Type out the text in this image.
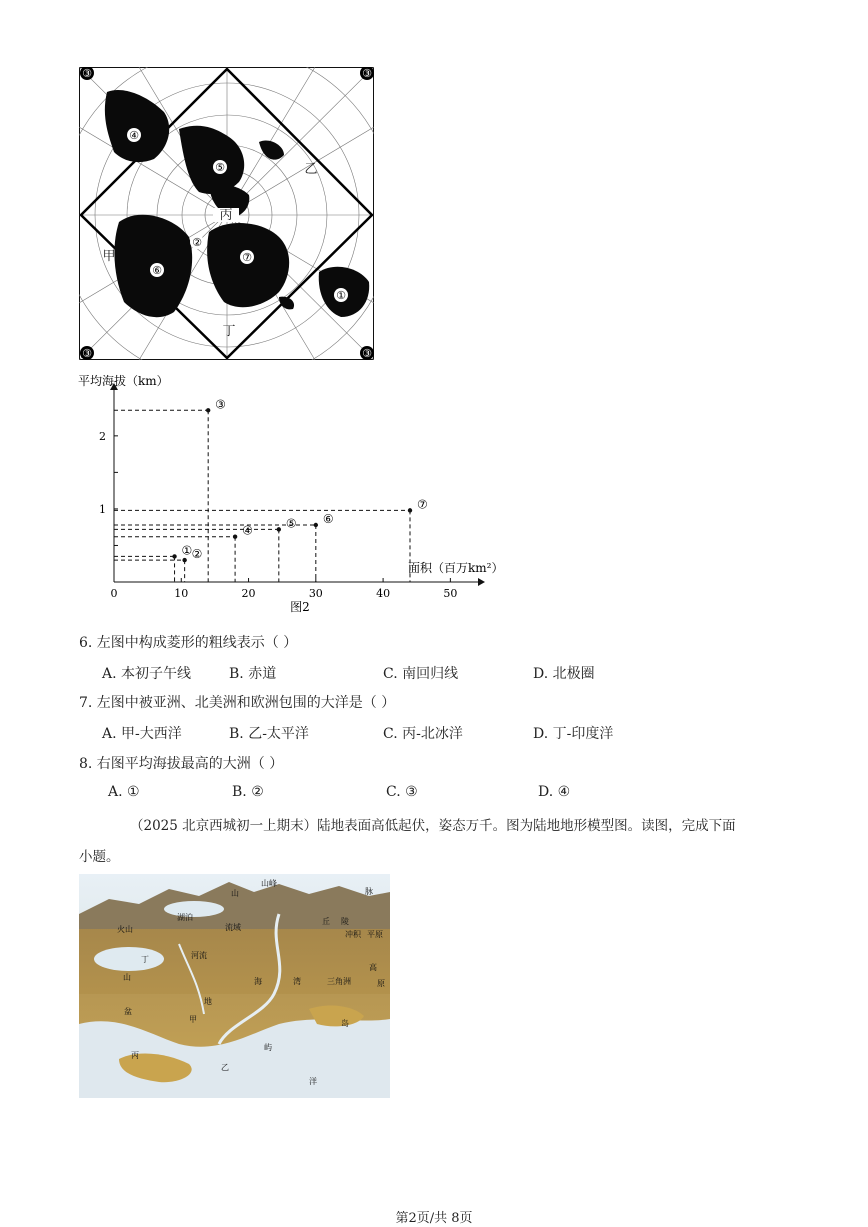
③	③
③	③
④
⑤
②
⑦
⑥
①
丙
甲
乙
丁
平均海拔（km）
面积（百万km²）
图2
0	10	20	30	40	50
1
2
① ②
③
④
⑤ ⑥
⑦
6. 左图中构成菱形的粗线表示（ ）
A. 本初子午线	B. 赤道	C. 南回归线	D. 北极圈
7. 左图中被亚洲、北美洲和欧洲包围的大洋是（ ）
A. 甲-大西洋	B. 乙-太平洋	C. 丙-北冰洋	D. 丁-印度洋
8. 右图平均海拔最高的大洲（ ）
A. ①	B. ②	C. ③	D. ④
（2025 北京西城初一上期末）陆地表面高低起伏，姿态万千。图为陆地地形模型图。读图，完成下面
小题。
山
山峰
脉
湖泊	丘 陵
冲积 平原
火山	流域
高
原
山
盆
地
甲
乙
丙
丁	河流
海	湾
岛
屿
洋
三角洲
第2页/共 8页
